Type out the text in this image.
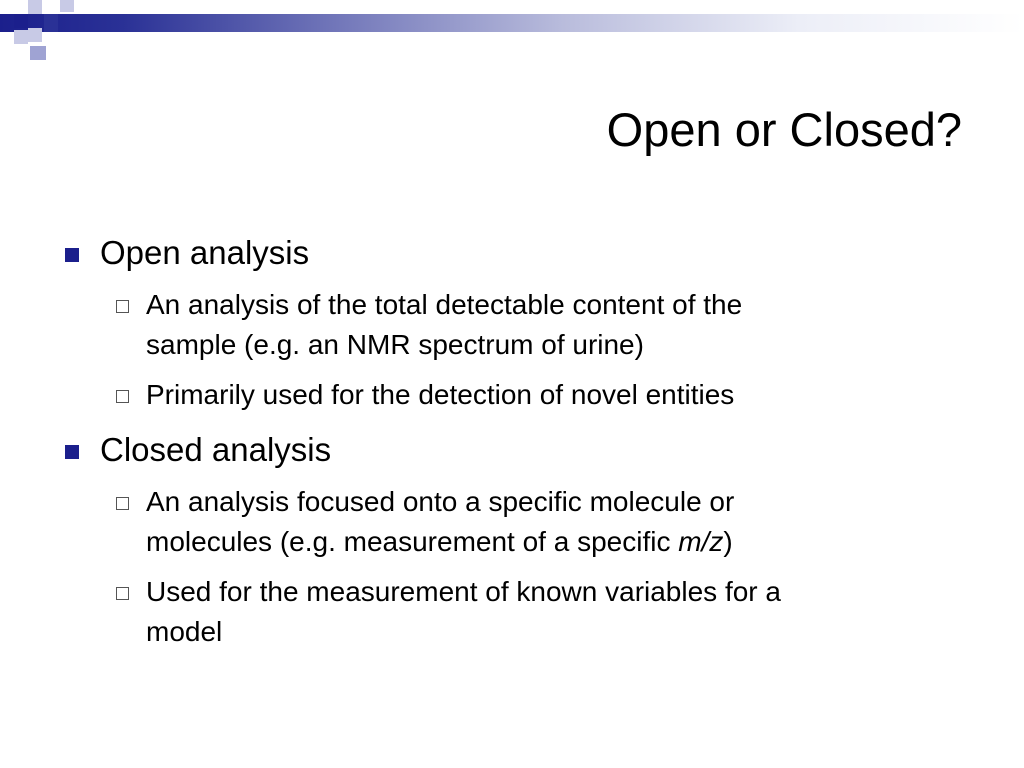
Open or Closed?
Open analysis
An analysis of the total detectable content of the
sample (e.g. an NMR spectrum of urine)
Primarily used for the detection of novel entities
Closed analysis
An analysis focused onto a specific molecule or
molecules (e.g. measurement of a specific m/z)
Used for the measurement of known variables for a
model
